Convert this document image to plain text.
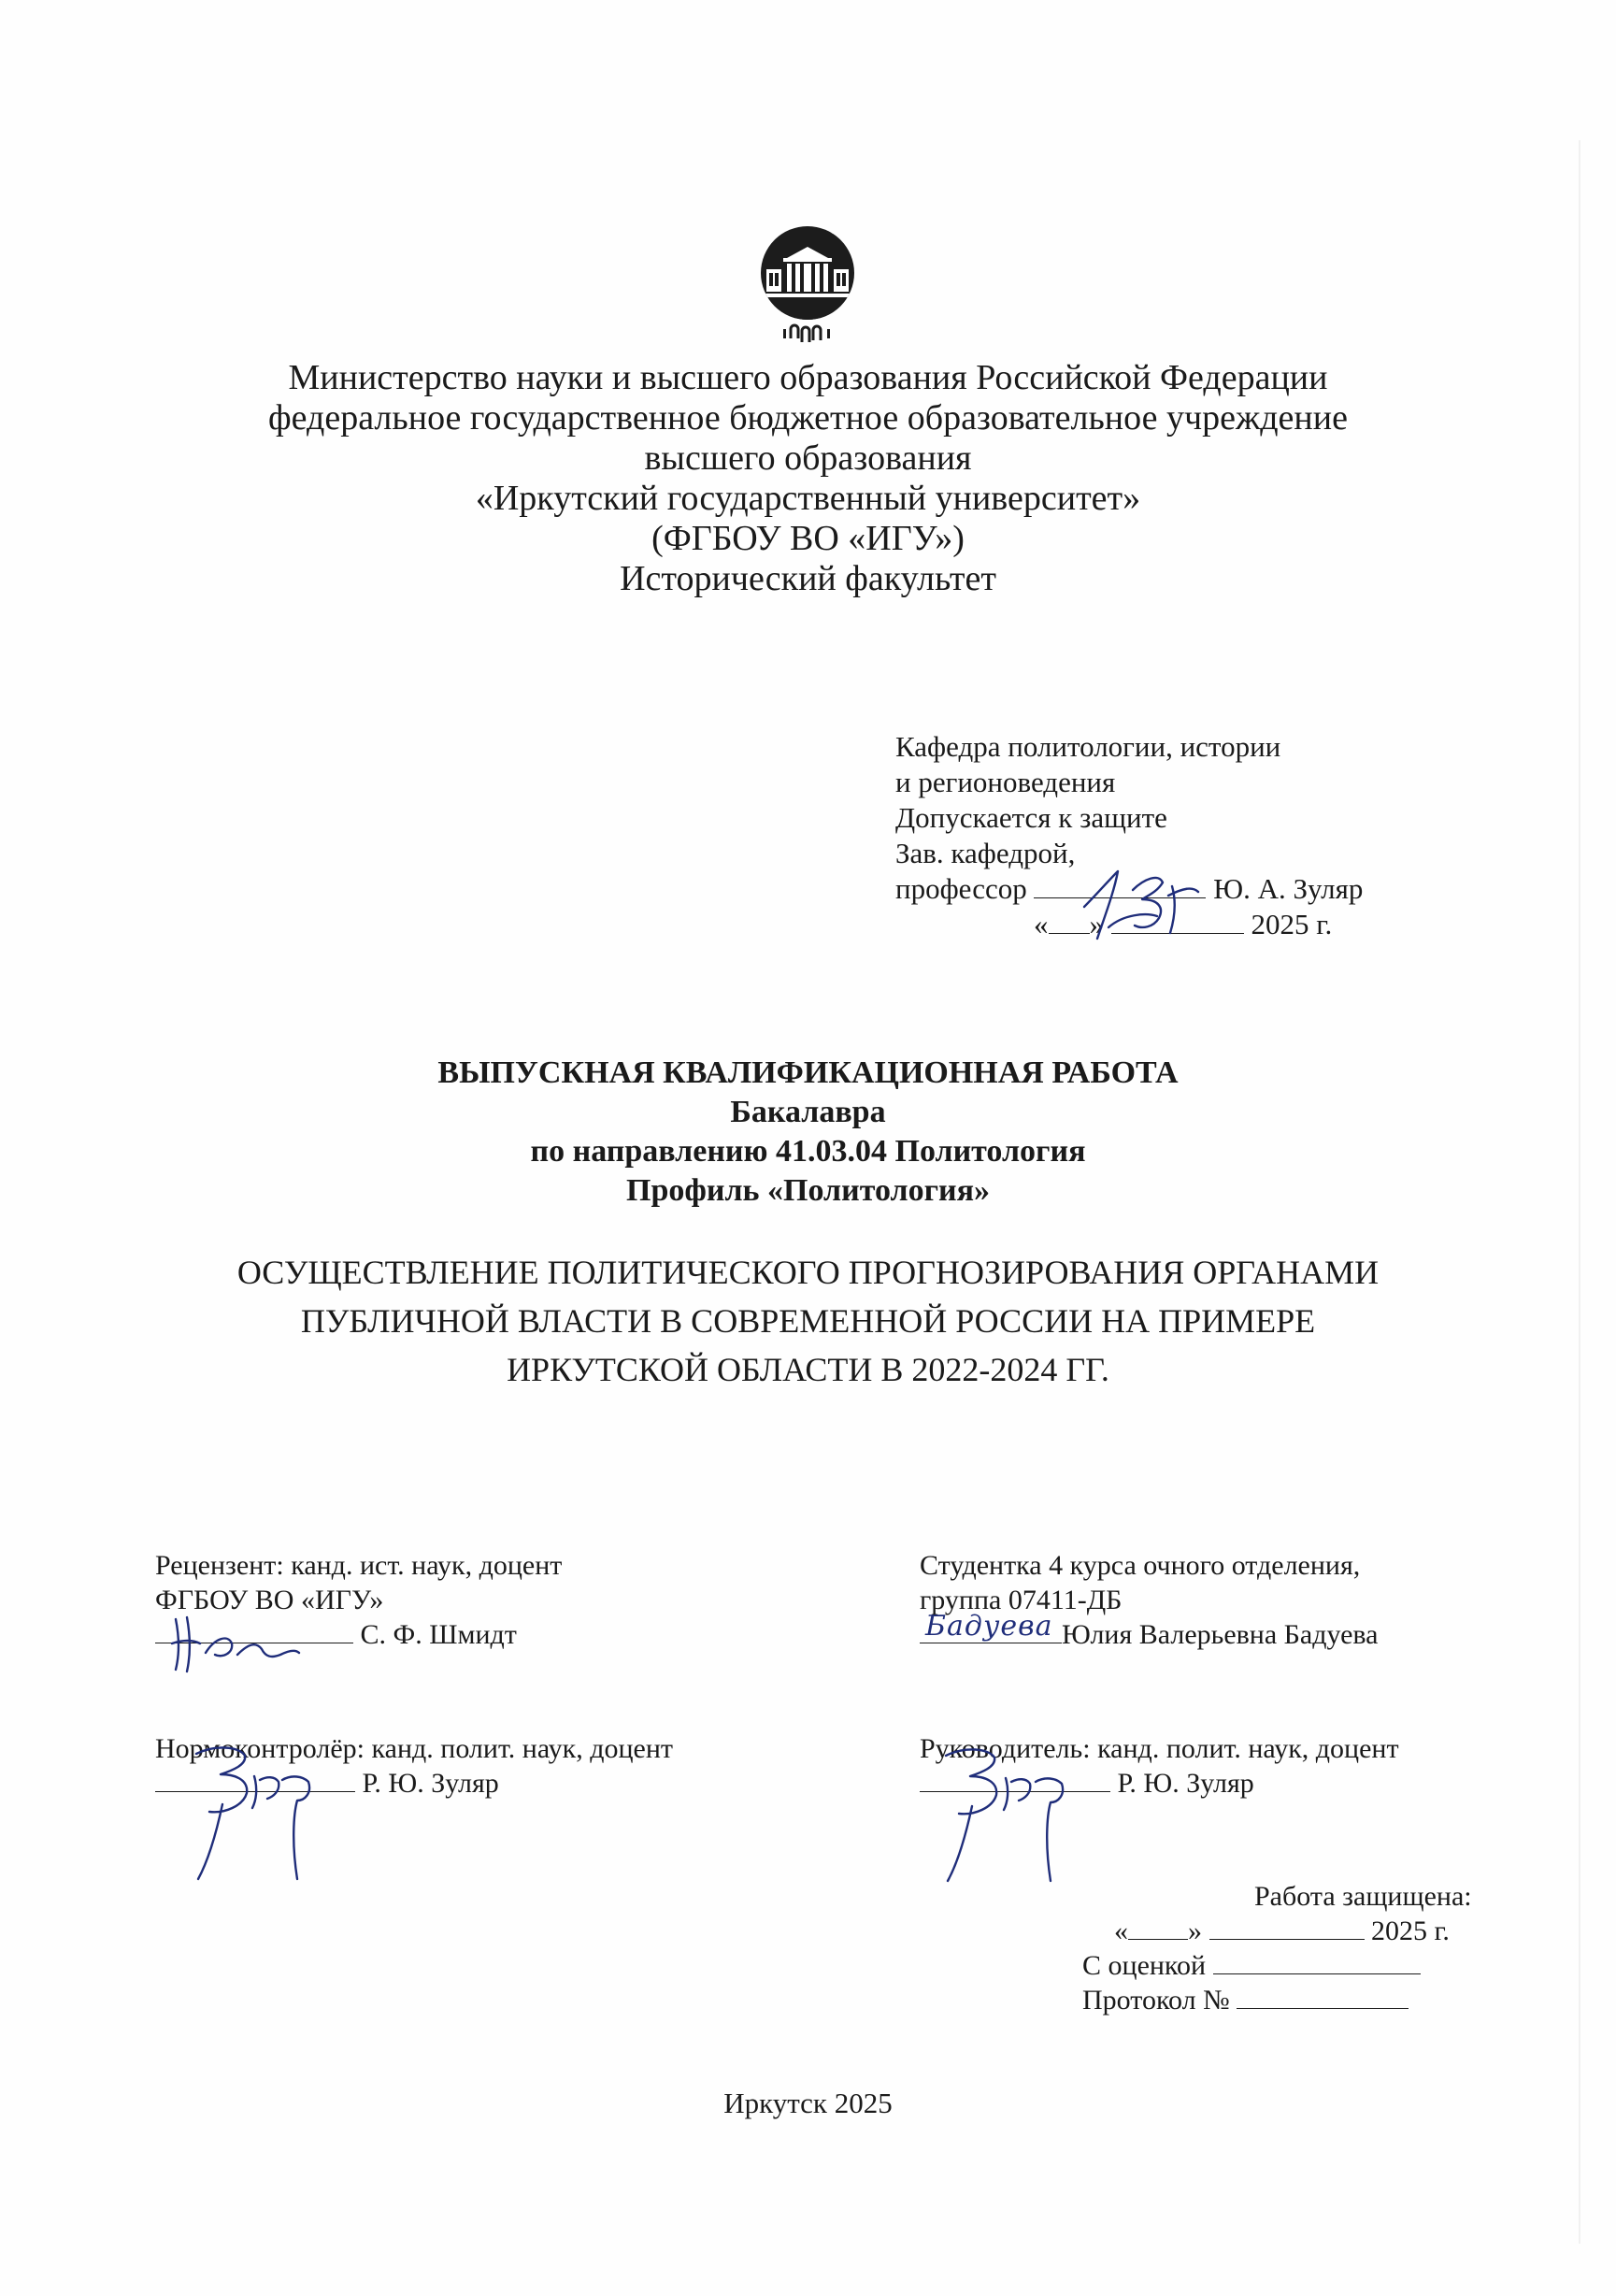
Министерство науки и высшего образования Российской Федерации
федеральное государственное бюджетное образовательное учреждение
высшего образования
«Иркутский государственный университет»
(ФГБОУ ВО «ИГУ»)
Исторический факультет
Кафедра политологии, истории
и регионоведения
Допускается к защите
Зав. кафедрой,
профессор	Ю. А. Зуляр
« »	2025 г.
ВЫПУСКНАЯ КВАЛИФИКАЦИОННАЯ РАБОТА
Бакалавра
по направлению 41.03.04 Политология
Профиль «Политология»
ОСУЩЕСТВЛЕНИЕ ПОЛИТИЧЕСКОГО ПРОГНОЗИРОВАНИЯ ОРГАНАМИ
ПУБЛИЧНОЙ ВЛАСТИ В СОВРЕМЕННОЙ РОССИИ НА ПРИМЕРЕ
ИРКУТСКОЙ ОБЛАСТИ В 2022-2024 ГГ.
Рецензент: канд. ист. наук, доцент
ФГБОУ ВО «ИГУ»
С. Ф. Шмидт
Студентка 4 курса очного отделения,
группа 07411-ДБ
Бадуева Юлия Валерьевна Бадуева
Нормоконтролёр: канд. полит. наук, доцент
Р. Ю. Зуляр
Руководитель: канд. полит. наук, доцент
Р. Ю. Зуляр
Работа защищена:
« »	2025 г.
С оценкой
Протокол №
Иркутск 2025
